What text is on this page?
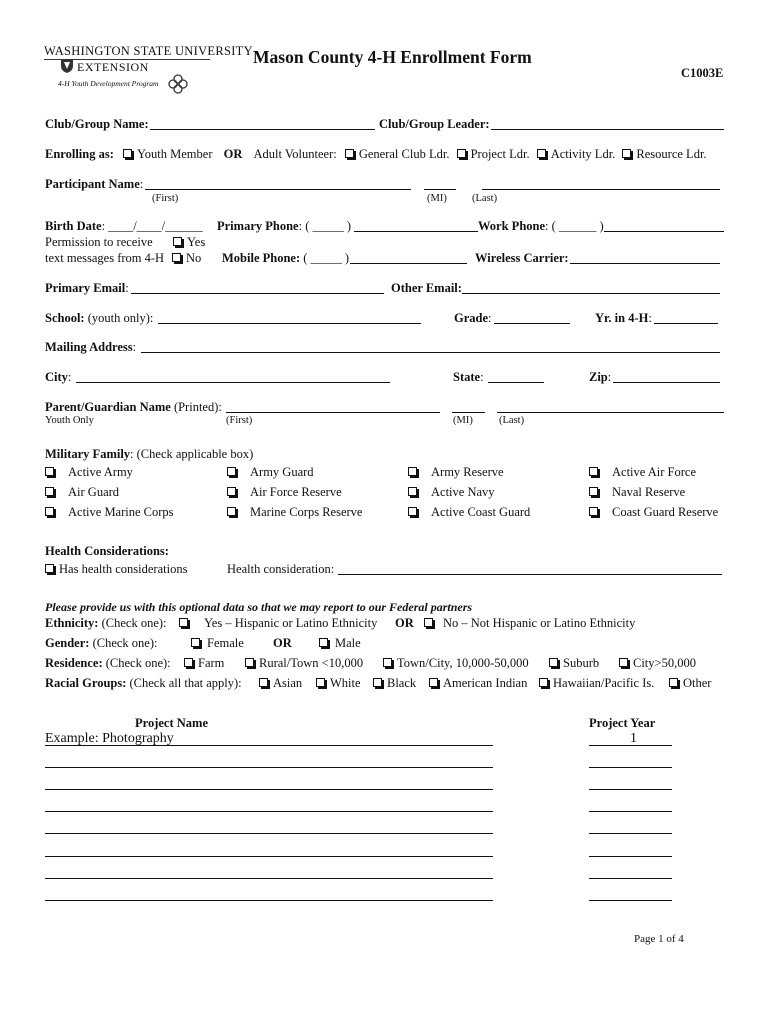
WASHINGTON STATE UNIVERSITY
EXTENSION
4-H Youth Development Program
Mason County 4-H Enrollment Form
C1003E
Club/Group Name:	Club/Group Leader:
Enrolling as: Youth Member OR Adult Volunteer: General Club Ldr. Project Ldr. Activity Ldr. Resource Ldr.
Participant Name:
(First)	(MI) (Last)
Birth Date: ____/____/______ Primary Phone: ( _____ )	Work Phone: ( ______ )
Permission to receive	Yes
text messages from 4-H	No Mobile Phone: ( _____ )	Wireless Carrier:
Primary Email:	Other Email:
School: (youth only):	Grade:	Yr. in 4-H:
Mailing Address:
City:	State:	Zip:
Parent/Guardian Name (Printed):
Youth Only	(First)	(MI) (Last)
Military Family: (Check applicable box)
Active Army	Army Guard	Army Reserve	Active Air Force
Air Guard	Air Force Reserve	Active Navy	Naval Reserve
Active Marine Corps	Marine Corps Reserve	Active Coast Guard	Coast Guard Reserve
Health Considerations:
Has health considerations	Health consideration:
Please provide us with this optional data so that we may report to our Federal partners
Ethnicity: (Check one):	Yes – Hispanic or Latino Ethnicity OR	No – Not Hispanic or Latino Ethnicity
Gender: (Check one):	Female OR	Male
Residence: (Check one):	Farm	Rural/Town <10,000	Town/City, 10,000-50,000	Suburb	City>50,000
Racial Groups: (Check all that apply):	Asian	White	Black	American Indian	Hawaiian/Pacific Is.	Other
Project Name	Project Year
Example: Photography	1
Page 1 of 4
